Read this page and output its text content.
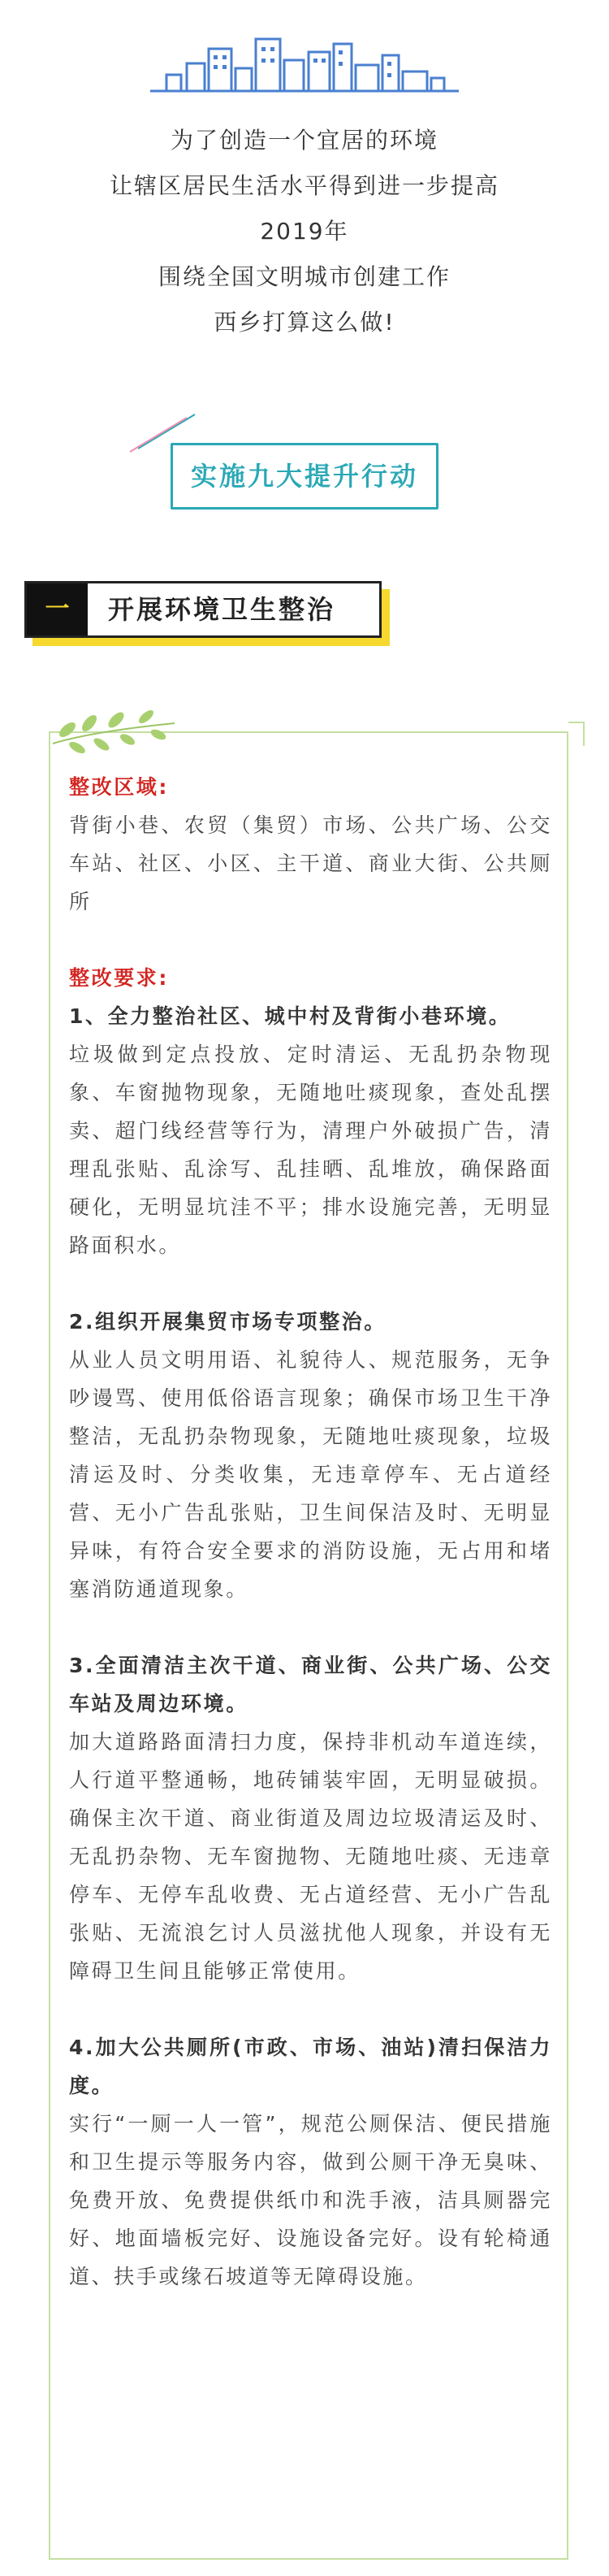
为了创造一个宜居的环境
让辖区居民生活水平得到进一步提高
2019年
围绕全国文明城市创建工作
西乡打算这么做!
实施九大提升行动
一	开展环境卫生整治

整改区域:

背街小巷、农贸（集贸）市场、公共广场、公交车站、社区、小区、主干道、商业大街、公共厕所

整改要求:

1、全力整治社区、城中村及背街小巷环境。

垃圾做到定点投放、定时清运、无乱扔杂物现象、车窗抛物现象，无随地吐痰现象，查处乱摆卖、超门线经营等行为，清理户外破损广告，清理乱张贴、乱涂写、乱挂晒、乱堆放，确保路面硬化，无明显坑洼不平；排水设施完善，无明显路面积水。

2.组织开展集贸市场专项整治。

从业人员文明用语、礼貌待人、规范服务，无争吵谩骂、使用低俗语言现象；确保市场卫生干净整洁，无乱扔杂物现象，无随地吐痰现象，垃圾清运及时、分类收集，无违章停车、无占道经营、无小广告乱张贴，卫生间保洁及时、无明显异味，有符合安全要求的消防设施，无占用和堵塞消防通道现象。

3.全面清洁主次干道、商业街、公共广场、公交车站及周边环境。

加大道路路面清扫力度，保持非机动车道连续，人行道平整通畅，地砖铺装牢固，无明显破损。确保主次干道、商业街道及周边垃圾清运及时、无乱扔杂物、无车窗抛物、无随地吐痰、无违章停车、无停车乱收费、无占道经营、无小广告乱张贴、无流浪乞讨人员滋扰他人现象，并设有无障碍卫生间且能够正常使用。

4.加大公共厕所(市政、市场、油站)清扫保洁力度。

实行“一厕一人一管”，规范公厕保洁、便民措施和卫生提示等服务内容，做到公厕干净无臭味、免费开放、免费提供纸巾和洗手液，洁具厕器完好、地面墙板完好、设施设备完好。设有轮椅通道、扶手或缘石坡道等无障碍设施。
